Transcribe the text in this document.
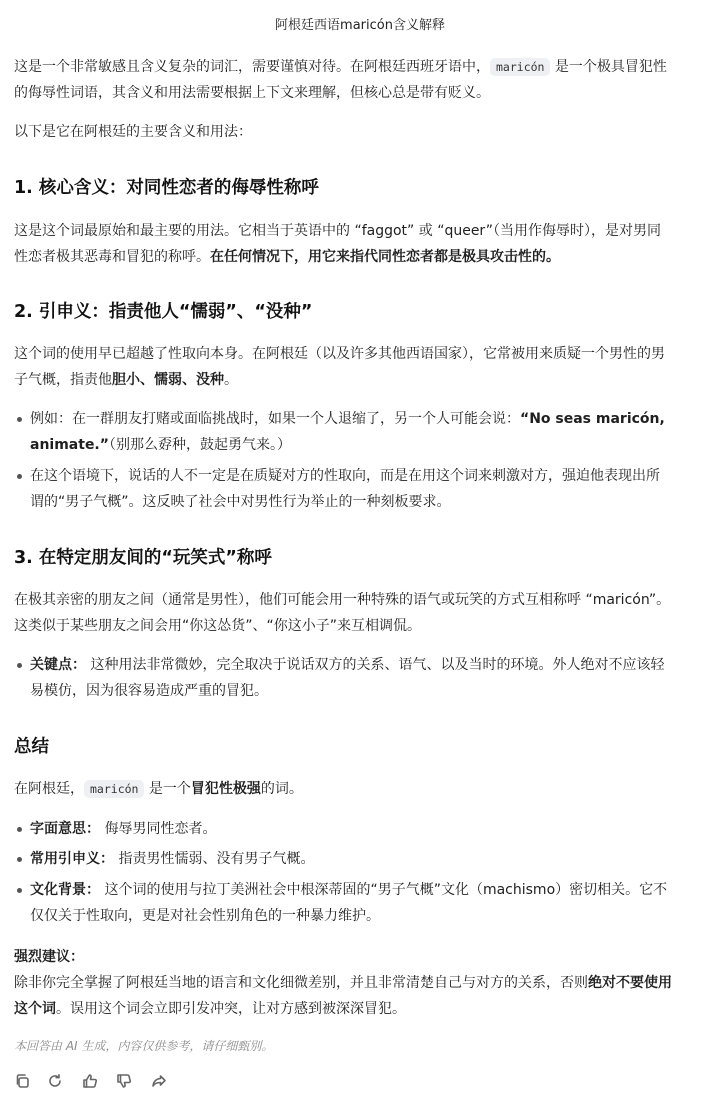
阿根廷西语maricón含义解释
这是一个非常敏感且含义复杂的词汇，需要谨慎对待。在阿根廷西班牙语中， maricón 是一个极具冒犯性
的侮辱性词语，其含义和用法需要根据上下文来理解，但核心总是带有贬义。
以下是它在阿根廷的主要含义和用法：
1. 核心含义：对同性恋者的侮辱性称呼
这是这个词最原始和最主要的用法。它相当于英语中的 “faggot” 或 “queer”（当用作侮辱时），是对男同
性恋者极其恶毒和冒犯的称呼。在任何情况下，用它来指代同性恋者都是极具攻击性的。
2. 引申义：指责他人“懦弱”、“没种”
这个词的使用早已超越了性取向本身。在阿根廷（以及许多其他西语国家），它常被用来质疑一个男性的男
子气概，指责他胆小、懦弱、没种。
例如：在一群朋友打赌或面临挑战时，如果一个人退缩了，另一个人可能会说：“No seas maricón,
animate.”（别那么孬种，鼓起勇气来。）
在这个语境下，说话的人不一定是在质疑对方的性取向，而是在用这个词来刺激对方，强迫他表现出所
谓的“男子气概”。这反映了社会中对男性行为举止的一种刻板要求。
3. 在特定朋友间的“玩笑式”称呼
在极其亲密的朋友之间（通常是男性），他们可能会用一种特殊的语气或玩笑的方式互相称呼 “maricón”。
这类似于某些朋友之间会用“你这怂货”、“你这小子”来互相调侃。
关键点： 这种用法非常微妙，完全取决于说话双方的关系、语气、以及当时的环境。外人绝对不应该轻
易模仿，因为很容易造成严重的冒犯。
总结
在阿根廷， maricón 是一个冒犯性极强的词。
字面意思： 侮辱男同性恋者。
常用引申义： 指责男性懦弱、没有男子气概。
文化背景： 这个词的使用与拉丁美洲社会中根深蒂固的“男子气概”文化（machismo）密切相关。它不
仅仅关于性取向，更是对社会性别角色的一种暴力维护。
强烈建议：
除非你完全掌握了阿根廷当地的语言和文化细微差别，并且非常清楚自己与对方的关系，否则绝对不要使用
这个词。误用这个词会立即引发冲突，让对方感到被深深冒犯。
本回答由 AI 生成，内容仅供参考，请仔细甄别。
